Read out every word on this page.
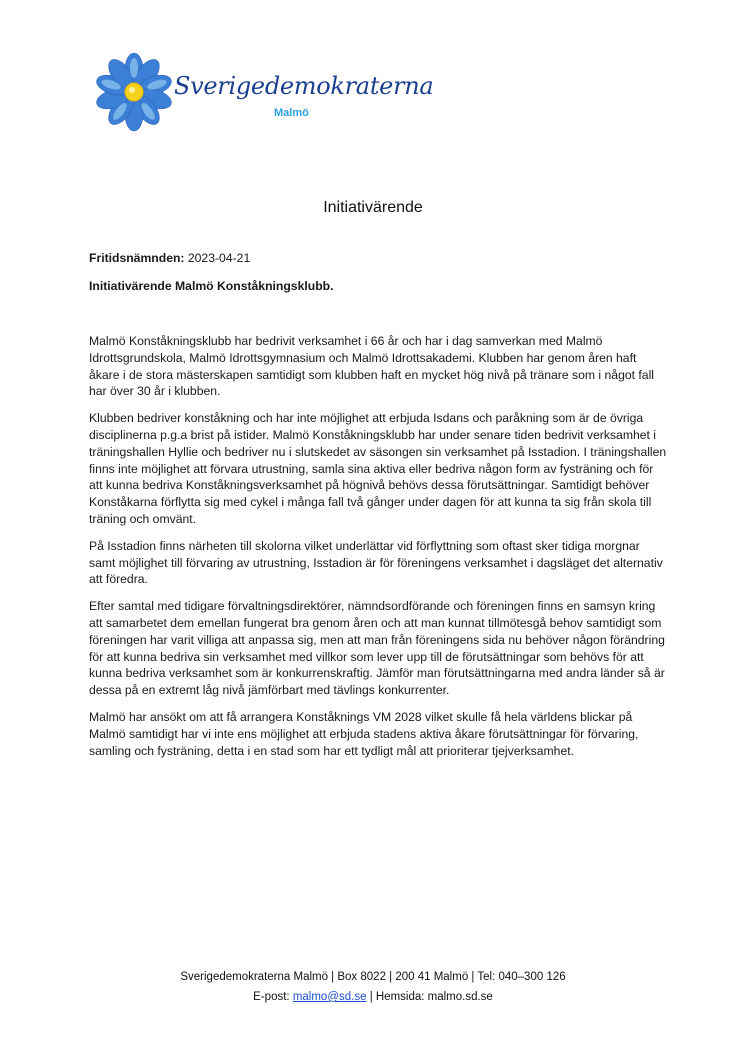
Sverigedemokraterna
Malmö
Initiativärende
Fritidsnämnden: 2023-04-21
Initiativärende Malmö Konståkningsklubb.

Malmö Konståkningsklubb har bedrivit verksamhet i 66 år och har i dag samverkan med Malmö Idrottsgrundskola, Malmö Idrottsgymnasium och Malmö Idrottsakademi. Klubben har genom åren haft åkare i de stora mästerskapen samtidigt som klubben haft en mycket hög nivå på tränare som i något fall har över 30 år i klubben.

Klubben bedriver konståkning och har inte möjlighet att erbjuda Isdans och paråkning som är de övriga disciplinerna p.g.a brist på istider. Malmö Konståkningsklubb har under senare tiden bedrivit verksamhet i träningshallen Hyllie och bedriver nu i slutskedet av säsongen sin verksamhet på Isstadion. I träningshallen finns inte möjlighet att förvara utrustning, samla sina aktiva eller bedriva någon form av fysträning och för att kunna bedriva Konståkningsverksamhet på högnivå behövs dessa förutsättningar. Samtidigt behöver Konståkarna förflytta sig med cykel i många fall två gånger under dagen för att kunna ta sig från skola till träning och omvänt.

På Isstadion finns närheten till skolorna vilket underlättar vid förflyttning som oftast sker tidiga morgnar samt möjlighet till förvaring av utrustning, Isstadion är för föreningens verksamhet i dagsläget det alternativ att föredra.

Efter samtal med tidigare förvaltningsdirektörer, nämndsordförande och föreningen finns en samsyn kring att samarbetet dem emellan fungerat bra genom åren och att man kunnat tillmötesgå behov samtidigt som föreningen har varit villiga att anpassa sig, men att man från föreningens sida nu behöver någon förändring för att kunna bedriva sin verksamhet med villkor som lever upp till de förutsättningar som behövs för att kunna bedriva verksamhet som är konkurrenskraftig. Jämför man förutsättningarna med andra länder så är dessa på en extremt låg nivå jämförbart med tävlings konkurrenter.

Malmö har ansökt om att få arrangera Konståknings VM 2028 vilket skulle få hela världens blickar på Malmö samtidigt har vi inte ens möjlighet att erbjuda stadens aktiva åkare förutsättningar för förvaring, samling och fysträning, detta i en stad som har ett tydligt mål att prioriterar tjejverksamhet.

Sverigedemokraterna Malmö | Box 8022 | 200 41 Malmö | Tel: 040–300 126
E-post: malmo@sd.se | Hemsida: malmo.sd.se
